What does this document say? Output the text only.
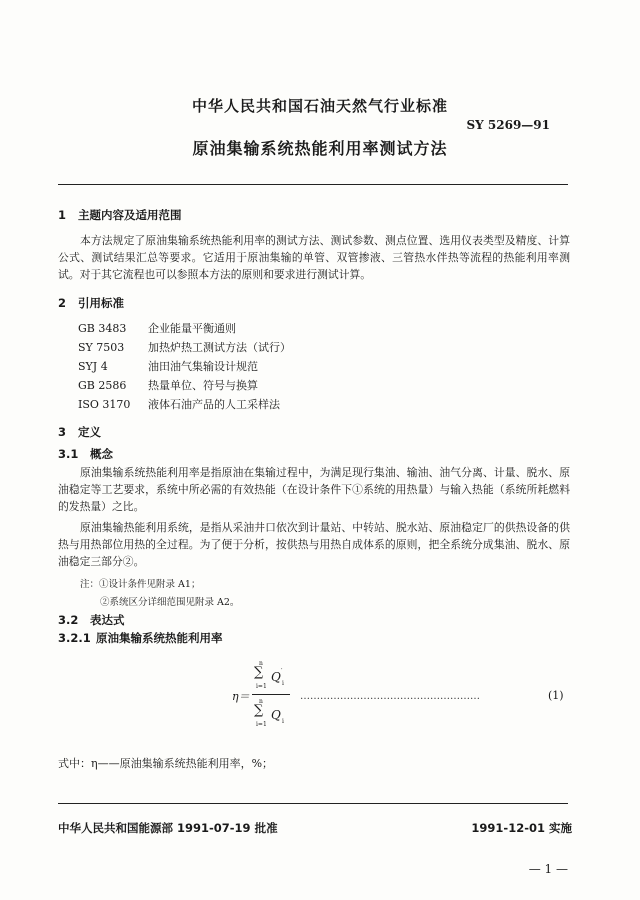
中华人民共和国石油天然气行业标准
SY 5269—91
原油集输系统热能利用率测试方法
1 主题内容及适用范围
本方法规定了原油集输系统热能利用率的测试方法、测试参数、测点位置、选用仪表类型及精度、计算公式、测试结果汇总等要求。它适用于原油集输的单管、双管掺液、三管热水伴热等流程的热能利用率测试。对于其它流程也可以参照本方法的原则和要求进行测试计算。
2 引用标准
GB 3483 企业能量平衡通则
SY 7503 加热炉热工测试方法（试行）
SYJ 4	油田油气集输设计规范
GB 2586 热量单位、符号与换算
ISO 3170 液体石油产品的人工采样法
3 定义
3.1 概念
原油集输系统热能利用率是指原油在集输过程中，为满足现行集油、输油、油气分离、计量、脱水、原油稳定等工艺要求，系统中所必需的有效热能（在设计条件下①系统的用热量）与输入热能（系统所耗燃料的发热量）之比。
原油集输热能利用系统，是指从采油井口依次到计量站、中转站、脱水站、原油稳定厂的供热设备的供热与用热部位用热的全过程。为了便于分析，按供热与用热自成体系的原则，把全系统分成集油、脱水、原油稳定三部分②。
注：①设计条件见附录 A1；
②系统区分详细范围见附录 A2。
3.2 表达式
3.2.1 原油集输系统热能利用率
η＝
n
∑
i=1
Q ′
i
n
∑
i=1
Q i
………………………………………………	(1)
式中：η——原油集输系统热能利用率，%；
中华人民共和国能源部 1991-07-19 批准	1991-12-01 实施
— 1 —
